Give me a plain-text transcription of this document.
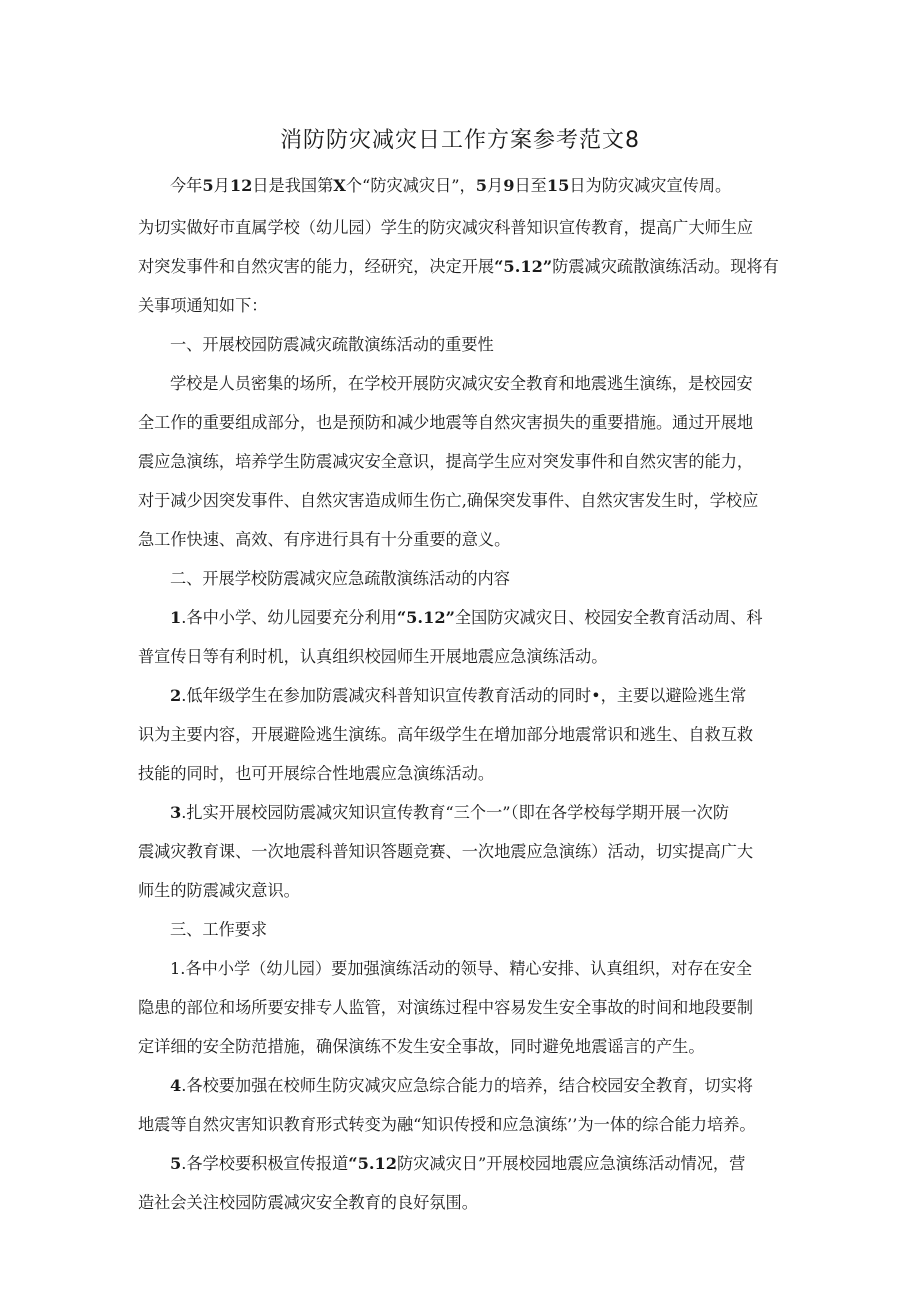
消防防灾减灾日工作方案参考范文8
今年5月12日是我国第X个“防灾减灾日”，5月9日至15日为防灾减灾宣传周。
为切实做好市直属学校（幼儿园）学生的防灾减灾科普知识宣传教育，提高广大师生应
对突发事件和自然灾害的能力，经研究，决定开展“5.12”防震减灾疏散演练活动。现将有
关事项通知如下：
一、开展校园防震减灾疏散演练活动的重要性
学校是人员密集的场所，在学校开展防灾减灾安全教育和地震逃生演练，是校园安
全工作的重要组成部分，也是预防和减少地震等自然灾害损失的重要措施。通过开展地
震应急演练，培养学生防震减灾安全意识，提高学生应对突发事件和自然灾害的能力，
对于减少因突发事件、自然灾害造成师生伤亡,确保突发事件、自然灾害发生时，学校应
急工作快速、高效、有序进行具有十分重要的意义。
二、开展学校防震减灾应急疏散演练活动的内容
1.各中小学、幼儿园要充分利用“5.12”全国防灾减灾日、校园安全教育活动周、科
普宣传日等有利时机，认真组织校园师生开展地震应急演练活动。
2.低年级学生在参加防震减灾科普知识宣传教育活动的同时•，主要以避险逃生常
识为主要内容，开展避险逃生演练。高年级学生在增加部分地震常识和逃生、自救互救
技能的同时，也可开展综合性地震应急演练活动。
3.扎实开展校园防震减灾知识宣传教育“三个一”（即在各学校每学期开展一次防
震减灾教育课、一次地震科普知识答题竞赛、一次地震应急演练）活动，切实提高广大
师生的防震减灾意识。
三、工作要求
1.各中小学（幼儿园）要加强演练活动的领导、精心安排、认真组织，对存在安全
隐患的部位和场所要安排专人监管，对演练过程中容易发生安全事故的时间和地段要制
定详细的安全防范措施，确保演练不发生安全事故，同时避免地震谣言的产生。
4.各校要加强在校师生防灾减灾应急综合能力的培养，结合校园安全教育，切实将
地震等自然灾害知识教育形式转变为融“知识传授和应急演练’’为一体的综合能力培养。
5.各学校要积极宣传报道“5.12防灾减灾日”开展校园地震应急演练活动情况，营
造社会关注校园防震减灾安全教育的良好氛围。
